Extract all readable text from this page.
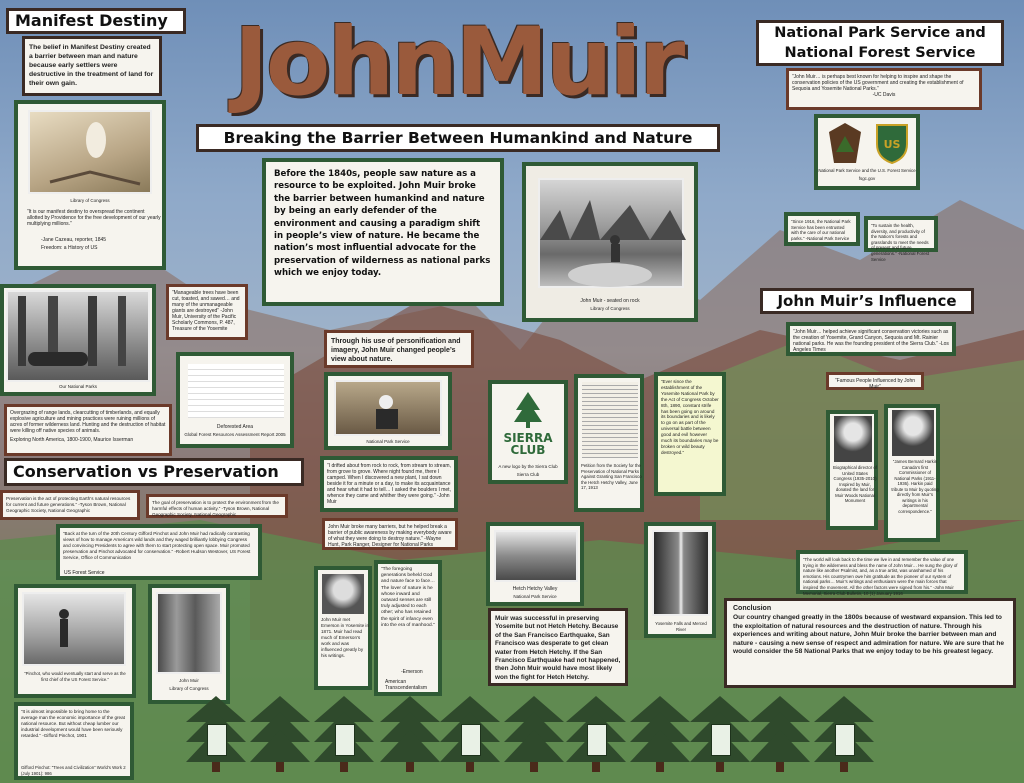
JohnMuir
Breaking the Barrier Between Humankind and Nature
Manifest Destiny
National Park Service and National Forest Service
John Muir’s Influence
Conservation vs Preservation
The belief in Manifest Destiny created a barrier between man and nature because early settlers were destructive in the treatment of land for their own gain.
Library of Congress
“It is our manifest destiny to overspread the continent allotted by Providence for the free development of our yearly multiplying millions.”
-Jane Cazeau, reporter, 1845
Freedom: a History of US
Our National Parks
“Manageable trees have been cut, toasted, and sawed… and many of the unmanageable giants are destroyed” -John Muir, University of the Pacific Scholarly Commons, P. 487, Treasure of the Yosemite
Deforested Area
Global Forest Resources Assessment Report 2005
Overgrazing of range lands, clearcutting of timberlands, and equally explosive agriculture and mining practices were ruining millions of acres of former wilderness land. Hunting and the destruction of habitat were killing off native species of animals.
Exploring North America, 1800-1900, Maurice Isserman
Before the 1840s, people saw nature as a resource to be exploited. John Muir broke the barrier between humankind and nature by being an early defender of the environment and causing a paradigm shift in people’s view of nature. He became the nation’s most influential advocate for the preservation of wilderness as national parks which we enjoy today.
John Muir - seated on rock
Library of Congress
Through his use of personification and imagery, John Muir changed people’s view about nature.
National Park Service
“I drifted about from rock to rock, from stream to stream, from grove to grove. Where night found me, there I camped. When I discovered a new plant, I sat down beside it for a minute or a day, to make its acquaintance and hear what it had to tell… I asked the boulders I met, whence they came and whither they were going.” -John Muir
John Muir broke many barriers, but he helped break a barrier of public awareness by making everybody aware of what they were doing to destroy nature.” -Wayne Hunt, Park Ranger, Designer for National Parks
John Muir met Emerson in Yosemite in 1871. Muir had read much of Emerson’s work and was influenced greatly by his writings.
“The foregoing generations beheld God and nature face to face… The lover of nature is he whose inward and outward senses are still truly adjusted to each other; who has retained the spirit of infancy even into the era of manhood.”
-Emerson
American Transcendentalism
SIERRA CLUB
A new logo by the Sierra Club
Sierra Club
Petition from the Society for the Preservation of National Parks Against Granting San Francisco the Hetch Hetchy Valley, June 17, 1913
“Ever since the establishment of the Yosemite National Park by the Act of Congress October 8th, 1890, constant strife has been going on around its boundaries and is likely to go on as part of the universal battle between good and evil however much its boundaries may be broken or wild beauty destroyed.”
Hetch Hetchy Valley
National Park Service
Yosemite Falls and Merced River
Muir was successful in preserving Yosemite but not Hetch Hetchy. Because of the San Francisco Earthquake, San Francisco was desperate to get clean water from Hetch Hetchy. If the San Francisco Earthquake had not happened, then John Muir would have most likely won the fight for Hetch Hetchy.
“John Muir… is perhaps best known for helping to inspire and shape the conservation policies of the US government and creating the establishment of Sequoia and Yosemite National Parks.”
-UC Davis
US
National Park Service and the U.S. Forest Service
fsgc.gov
“Since 1916, the National Park Service has been entrusted with the care of our national parks.” -National Park Service
“To sustain the health, diversity, and productivity of the Nation’s forests and grasslands to meet the needs of present and future generations.” -National Forest Service
“John Muir… helped achieve significant conservation victories such as the creation of Yosemite, Grand Canyon, Sequoia and Mt. Rainier national parks. He was the founding president of the Sierra Club.” -Los Angeles Times
“Famous People Influenced by John Muir”
Biographical director of United States Congress (1935-2010) Inspired by Muir, donated the land for Muir Woods National Monument
“James Bernard Harkin Canada’s first Commissioner of National Parks (1911-1936). Harkin paid tribute to Muir by quoting directly from Muir’s writings in his departmental correspondence.”
“The world will look back to the time we live in and remember the value of one trying in the wilderness and bless the name of John Muir… He sung the glory of nature like another Psalmist, and, as a true artist, was unashamed of his emotions. His countrymen owe him gratitude as the pioneer of our system of national parks… Muir’s writings and enthusiasm were the main forces that inspired the movement. All the other factors were signed from his.” -John Muir Memorial, Sierra Club Bulletin, 10 (1) January 1916
Conclusion
Our country changed greatly in the 1800s because of westward expansion. This led to the exploitation of natural resources and the destruction of nature. Through his experiences and writing about nature, John Muir broke the barrier between man and nature - causing a new sense of respect and admiration for nature. We are sure that he would consider the 58 National Parks that we enjoy today to be his greatest legacy.
Preservation is the act of protecting Earth’s natural resources for current and future generations.” -Tyson Brown, National Geographic Society, National Geographic
The goal of preservation is to protect the environment from the harmful effects of human activity.” -Tyson Brown, National Geographic Society, National Geographic
“Back at the turn of the 20th Century Gifford Pinchot and John Muir had radically contrasting views of how to manage America’s wild lands and they waged brilliantly lobbying Congress and convincing Presidents to agree with them to start protecting open space. Muir promoted preservation and Pinchot advocated for conservation.” -Robert Hudson Westover, US Forest Service, Office of Communication
US Forest Service
“Pinchot, who would eventually start and serve as the first chief of the US Forest Service.”	John Muir
Library of Congress
“It is almost impossible to bring home to the average man the economic importance of the great national resource. But without cheap lumber our industrial development would have been seriously retarded.” -Gifford Pinchot, 1901
Gifford Pinchot: “Trees and Civilization” World’s Work 2 (July 1901): 986
